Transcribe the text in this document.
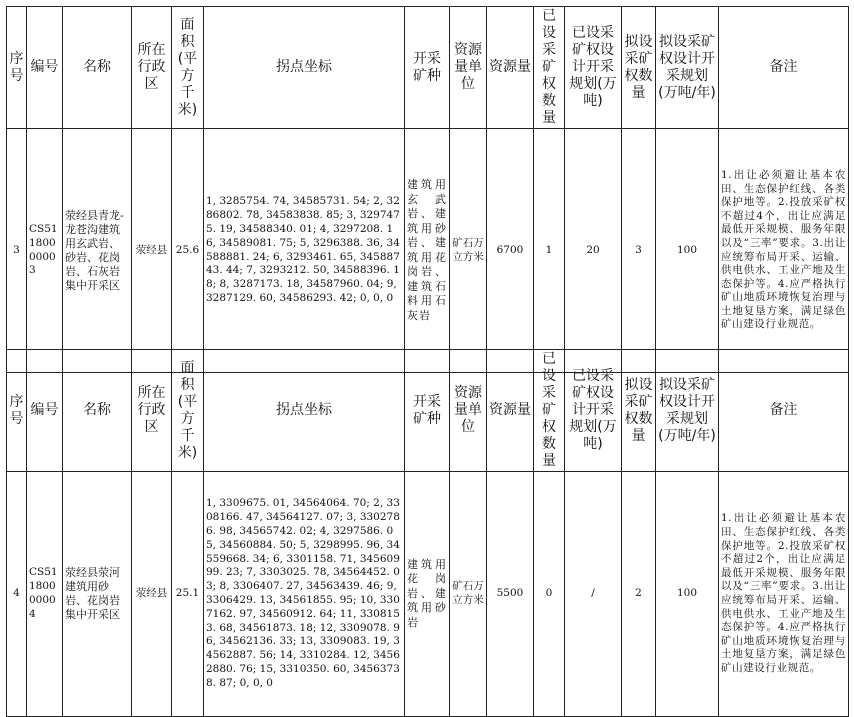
序号	编号	名称	所在行政区	面积(平方千米)	拐点坐标	开采矿种	资源量单位	资源量	已设采矿权数量	已设采矿权设计开采规划(万吨)	拟设采矿权数量	拟设采矿权设计开采规划(万吨/年)	备注
3	CS51180000003	荥经县青龙-龙苍沟建筑用玄武岩、砂岩、花岗岩、石灰岩集中开采区	荥经县	25.6	1, 3285754. 74, 34585731. 54; 2, 3286802. 78, 34583838. 85; 3, 3297475. 19, 34588340. 01; 4, 3297208. 16, 34589081. 75; 5, 3296388. 36, 34588881. 24; 6, 3293461. 65, 34588743. 44; 7, 3293212. 50, 34588396. 18; 8, 3287173. 18, 34587960. 04; 9, 3287129. 60, 34586293. 42; 0, 0, 0	建筑用玄武岩、建筑用砂岩、建筑用花岗岩、建筑石料用石灰岩	矿石万立方米	6700	1	20	3	100	1.出让必须避让基本农田、生态保护红线、各类保护地等。2.投放采矿权不超过4个，出让应满足最低开采规模、服务年限以及“三率”要求。3.出让应统筹布局开采、运输、供电供水、工业产地及生态保护等。4.应严格执行矿山地质环境恢复治理与土地复垦方案，满足绿色矿山建设行业规范。
序号	编号	名称	所在行政区	面积(平方千米)	拐点坐标	开采矿种	资源量单位	资源量	已设采矿权数量	已设采矿权设计开采规划(万吨)	拟设采矿权数量	拟设采矿权设计开采规划(万吨/年)	备注
4	CS51180000004	荥经县荥河建筑用砂岩、花岗岩集中开采区	荥经县	25.1	1, 3309675. 01, 34564064. 70; 2, 3308166. 47, 34564127. 07; 3, 3302786. 98, 34565742. 02; 4, 3297586. 05, 34560884. 50; 5, 3298995. 96, 34559668. 34; 6, 3301158. 71, 34560999. 23; 7, 3303025. 78, 34564452. 03; 8, 3306407. 27, 34563439. 46; 9, 3306429. 13, 34561855. 95; 10, 3307162. 97, 34560912. 64; 11, 3308153. 68, 34561873. 18; 12, 3309078. 96, 34562136. 33; 13, 3309083. 19, 34562887. 56; 14, 3310284. 12, 34562880. 76; 15, 3310350. 60, 34563738. 87; 0, 0, 0	建筑用花岗岩、建筑用砂岩	矿石万立方米	5500	0	/	2	100	1.出让必须避让基本农田、生态保护红线、各类保护地等。2.投放采矿权不超过2个，出让应满足最低开采规模、服务年限以及“三率”要求。3.出让应统筹布局开采、运输、供电供水、工业产地及生态保护等。4.应严格执行矿山地质环境恢复治理与土地复垦方案，满足绿色矿山建设行业规范。
